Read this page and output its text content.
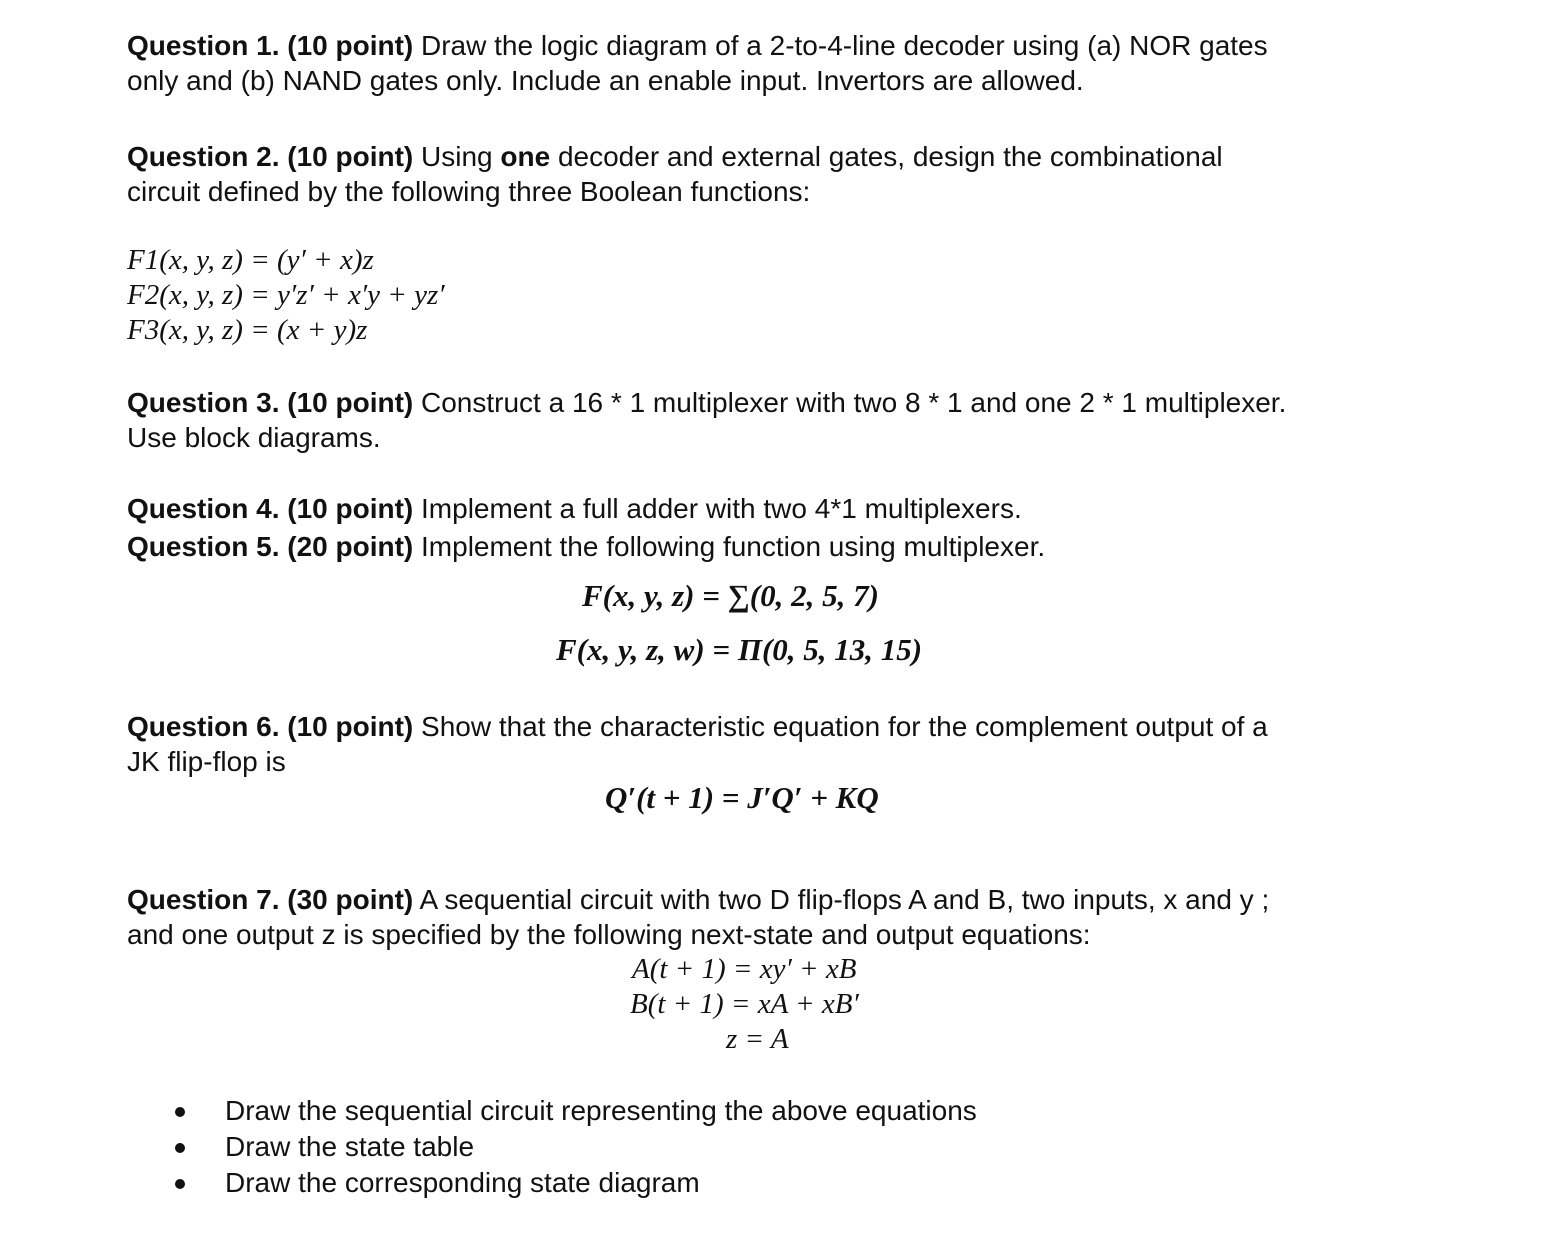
Question 1. (10 point) Draw the logic diagram of a 2-to-4-line decoder using (a) NOR gates
only and (b) NAND gates only. Include an enable input. Invertors are allowed.
Question 2. (10 point) Using one decoder and external gates, design the combinational
circuit defined by the following three Boolean functions:
F1(x, y, z) = (y′ + x)z
F2(x, y, z) = y′z′ + x′y + yz′
F3(x, y, z) = (x + y)z
Question 3. (10 point) Construct a 16 * 1 multiplexer with two 8 * 1 and one 2 * 1 multiplexer.
Use block diagrams.
Question 4. (10 point) Implement a full adder with two 4*1 multiplexers.
Question 5. (20 point) Implement the following function using multiplexer.
F(x, y, z) = ∑(0, 2, 5, 7)
F(x, y, z, w) = Π(0, 5, 13, 15)
Question 6. (10 point) Show that the characteristic equation for the complement output of a
JK flip-flop is
Q′(t + 1) = J′Q′ + KQ
Question 7. (30 point) A sequential circuit with two D flip-flops A and B, two inputs, x and y ;
and one output z is specified by the following next-state and output equations:
A(t + 1) = xy′ + xB
B(t + 1) = xA + xB′
z = A
Draw the sequential circuit representing the above equations
Draw the state table
Draw the corresponding state diagram
